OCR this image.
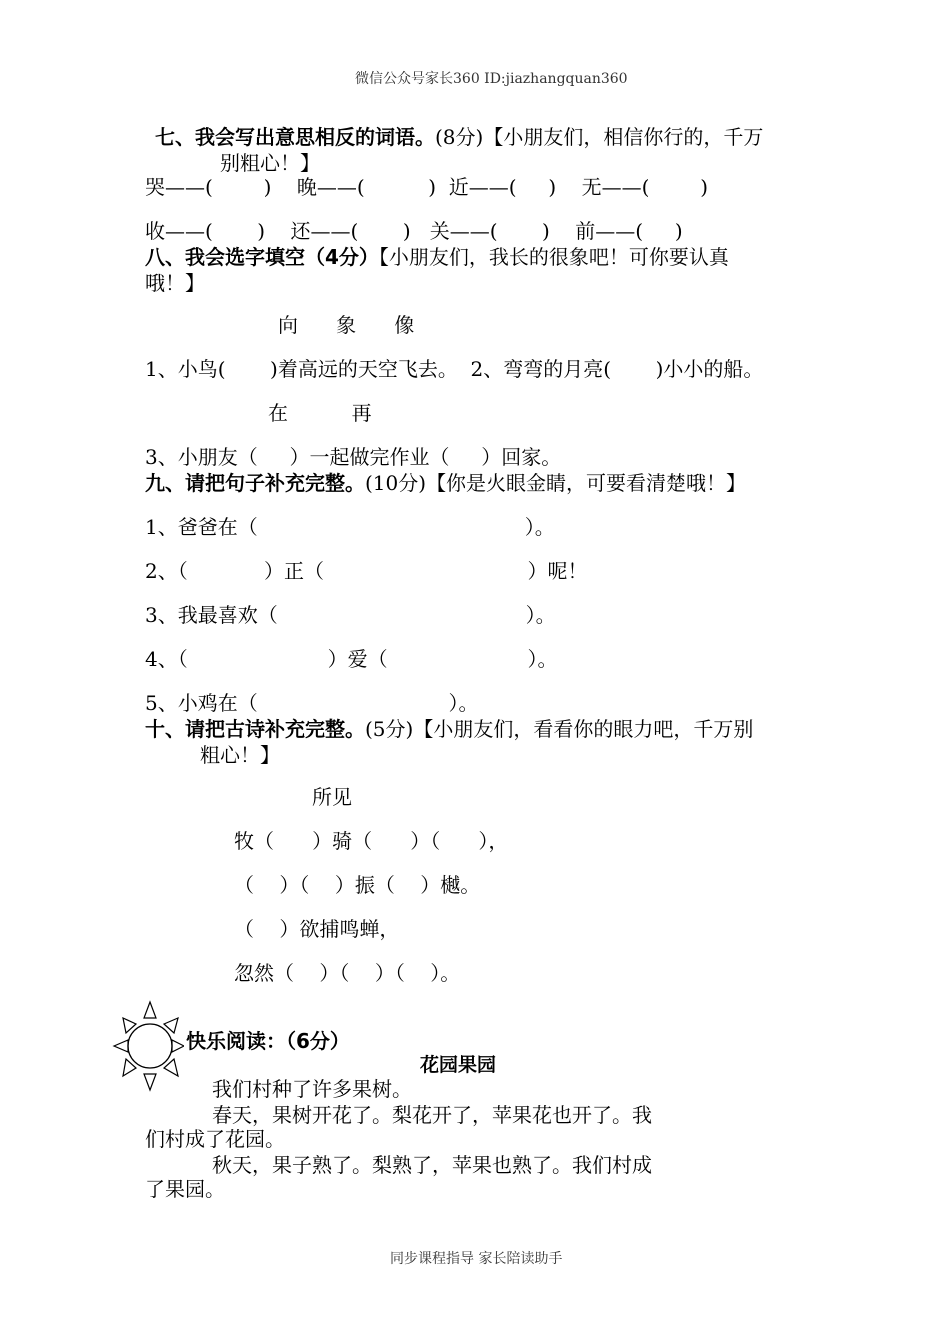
微信公众号家长360 ID:jiazhangquan360
七、我会写出意思相反的词语。(8分)【小朋友们，相信你行的，千万
别粗心！】
哭——(        )    晚——(          )  近——(     )    无——(        )
收——(       )    还——(       )   关——(       )    前——(     )
八、我会选字填空（4分）【小朋友们，我长的很象吧！可你要认真
哦！】
向      象      像
1、小鸟(       )着高远的天空飞去。  2、弯弯的月亮(       )小小的船。
在          再
3、小朋友（     ）一起做完作业（     ）回家。
九、请把句子补充完整。(10分)【你是火眼金睛，可要看清楚哦！】
1、爸爸在（                                          ）。
2、（            ）正（                                ）呢！
3、我最喜欢（                                       ）。
4、（                      ）爱（                      ）。
5、小鸡在（                              ）。
十、请把古诗补充完整。(5分)【小朋友们，看看你的眼力吧，千万别
粗心！】
所见
牧（      ）骑（      ）（      ），
（    ）（    ）振（    ）樾。
（    ）欲捕鸣蝉，
忽然（    ）（    ）（    ）。
快乐阅读：（6分）
花园果园
我们村种了许多果树。
春天，果树开花了。梨花开了，苹果花也开了。我
们村成了花园。
秋天，果子熟了。梨熟了，苹果也熟了。我们村成
了果园。
同步课程指导 家长陪读助手
